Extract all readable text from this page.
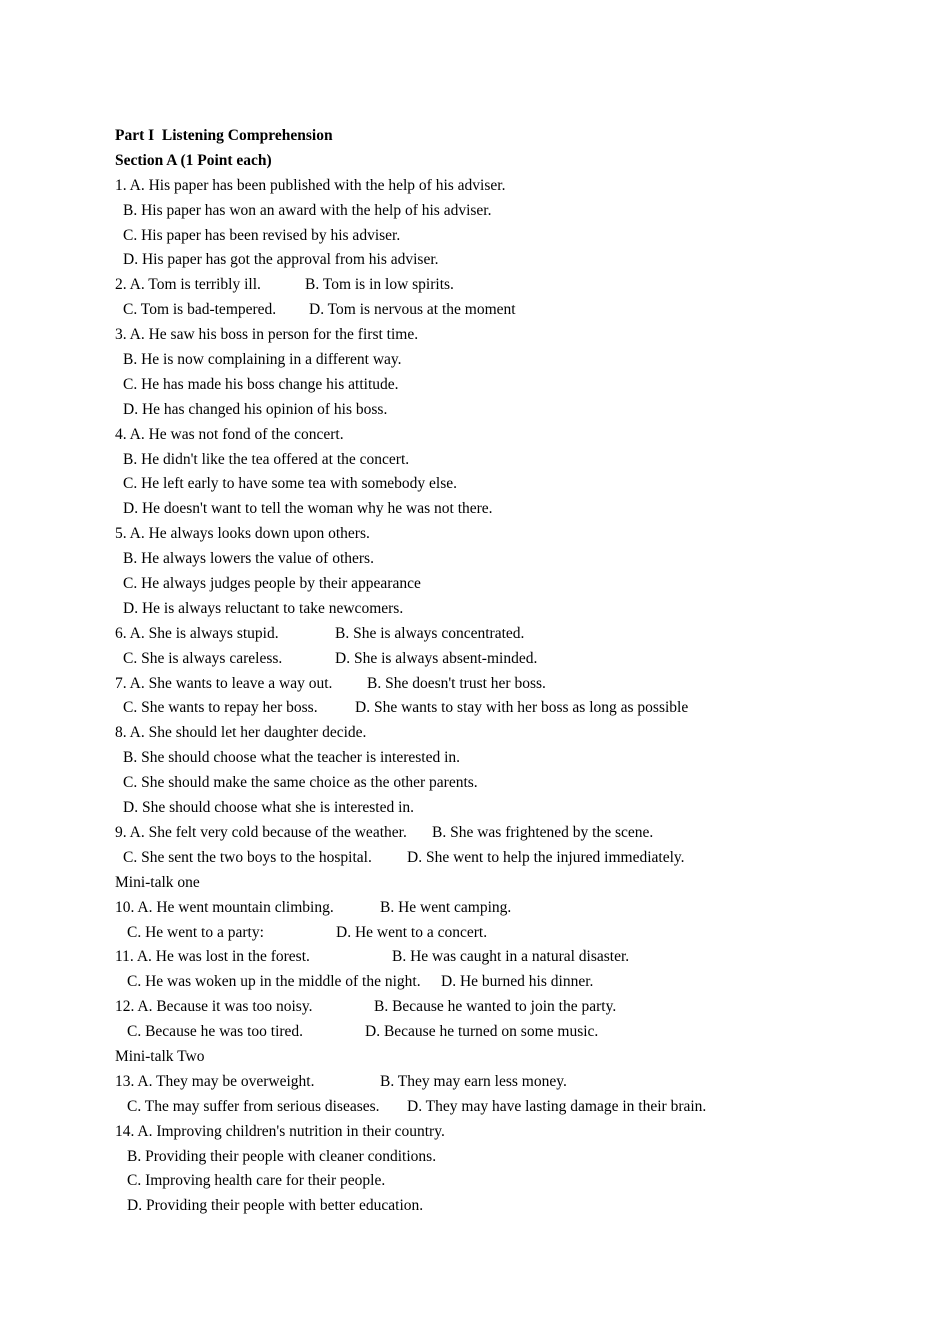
Part I  Listening Comprehension
Section A (1 Point each)
1. A. His paper has been published with the help of his adviser.
B. His paper has won an award with the help of his adviser.
C. His paper has been revised by his adviser.
D. His paper has got the approval from his adviser.
2. A. Tom is terribly ill.	B. Tom is in low spirits.
C. Tom is bad-tempered. D. Tom is nervous at the moment
3. A. He saw his boss in person for the first time.
B. He is now complaining in a different way.
C. He has made his boss change his attitude.
D. He has changed his opinion of his boss.
4. A. He was not fond of the concert.
B. He didn't like the tea offered at the concert.
C. He left early to have some tea with somebody else.
D. He doesn't want to tell the woman why he was not there.
5. A. He always looks down upon others.
B. He always lowers the value of others.
C. He always judges people by their appearance
D. He is always reluctant to take newcomers.
6. A. She is always stupid.	B. She is always concentrated.
C. She is always careless.	D. She is always absent-minded.
7. A. She wants to leave a way out. B. She doesn't trust her boss.
C. She wants to repay her boss. D. She wants to stay with her boss as long as possible
8. A. She should let her daughter decide.
B. She should choose what the teacher is interested in.
C. She should make the same choice as the other parents.
D. She should choose what she is interested in.
9. A. She felt very cold because of the weather. B. She was frightened by the scene.
C. She sent the two boys to the hospital. D. She went to help the injured immediately.
Mini-talk one
10. A. He went mountain climbing.	B. He went camping.
C. He went to a party:	D. He went to a concert.
11. A. He was lost in the forest.	B. He was caught in a natural disaster.
C. He was woken up in the middle of the night. D. He burned his dinner.
12. A. Because it was too noisy.	B. Because he wanted to join the party.
C. Because he was too tired.	D. Because he turned on some music.
Mini-talk Two
13. A. They may be overweight.	B. They may earn less money.
C. The may suffer from serious diseases. D. They may have lasting damage in their brain.
14. A. Improving children's nutrition in their country.
B. Providing their people with cleaner conditions.
C. Improving health care for their people.
D. Providing their people with better education.
